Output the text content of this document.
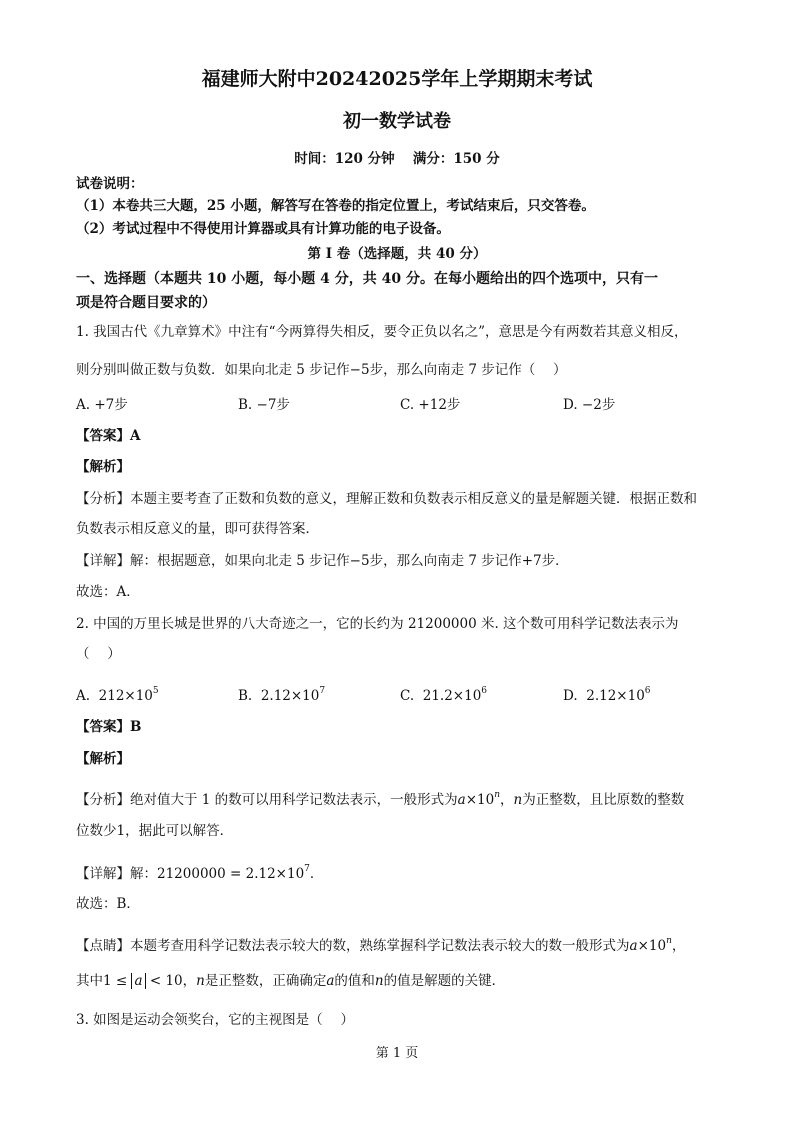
福建师大附中20242025学年上学期期末考试
初一数学试卷
时间：120 分钟　 满分：150 分
试卷说明：
（1）本卷共三大题，25 小题，解答写在答卷的指定位置上，考试结束后，只交答卷。
（2）考试过程中不得使用计算器或具有计算功能的电子设备。
第 I 卷（选择题，共 40 分）
一、选择题（本题共 10 小题，每小题 4 分，共 40 分。在每小题给出的四个选项中，只有一
项是符合题目要求的）
1. 我国古代《九章算术》中注有“今两算得失相反，要令正负以名之”，意思是今有两数若其意义相反，
则分别叫做正数与负数．如果向北走 5 步记作−5步，那么向南走 7 步记作（　 ）
A. +7步	B. −7步	C. +12步	D. −2步
【答案】A
【解析】
【分析】本题主要考查了正数和负数的意义，理解正数和负数表示相反意义的量是解题关键．根据正数和
负数表示相反意义的量，即可获得答案．
【详解】解：根据题意，如果向北走 5 步记作−5步，那么向南走 7 步记作+7步．
故选：A．
2. 中国的万里长城是世界的八大奇迹之一，它的长约为 21200000 米. 这个数可用科学记数法表示为
（　 ）
A. $212\times 10^5$	B. $2.12\times 10^7$	C. $21.2\times 10^6$	D. $2.12\times 10^6$
【答案】B
【解析】
【分析】绝对值大于 1 的数可以用科学记数法表示，一般形式为$a\times 10^n$，n为正整数，且比原数的整数
位数少1，据此可以解答．
【详解】解：$21200000 = 2.12\times 10^7$．
故选：B．
【点睛】本题考查用科学记数法表示较大的数，熟练掌握科学记数法表示较大的数一般形式为$a\times 10^n$，
其中1 ≤ a < 10，n是正整数，正确确定a的值和n的值是解题的关键．
3. 如图是运动会领奖台，它的主视图是（　 ）
第 1 页
